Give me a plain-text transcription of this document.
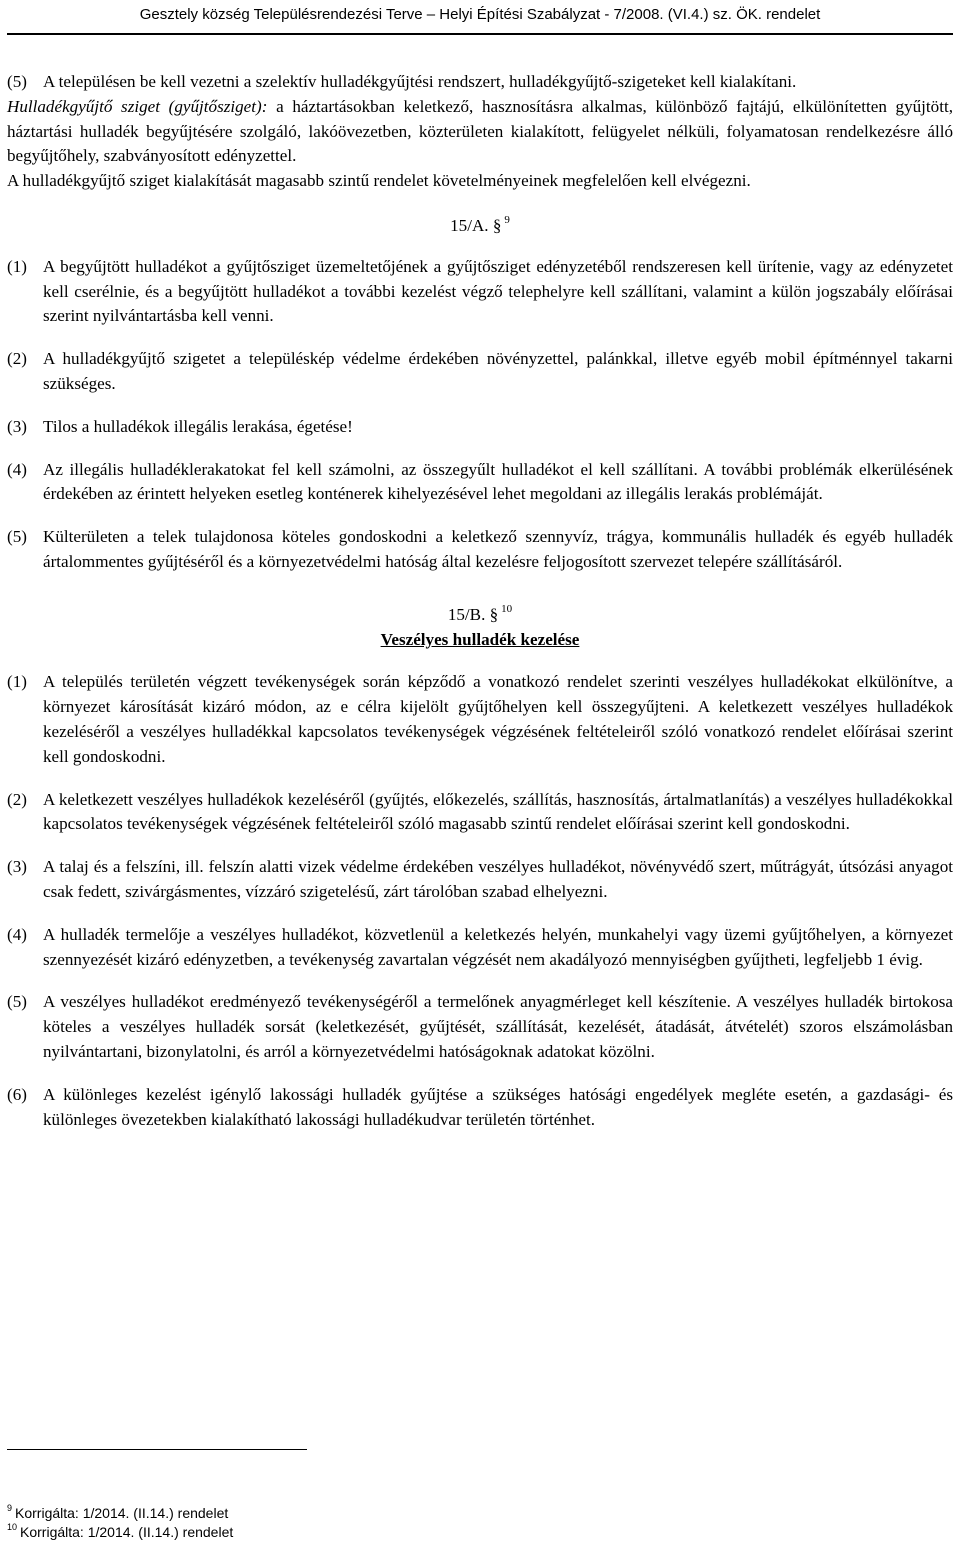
Gesztely község Településrendezési Terve – Helyi Építési Szabályzat - 7/2008. (VI.4.) sz. ÖK. rendelet
(5) A településen be kell vezetni a szelektív hulladékgyűjtési rendszert, hulladékgyűjtő-szigeteket kell kialakítani.

Hulladékgyűjtő sziget (gyűjtősziget): a háztartásokban keletkező, hasznosításra alkalmas, különböző fajtájú, elkülönítetten gyűjtött, háztartási hulladék begyűjtésére szolgáló, lakóövezetben, közterületen kialakított, felügyelet nélküli, folyamatosan rendelkezésre álló begyűjtőhely, szabványosított edényzettel.

A hulladékgyűjtő sziget kialakítását magasabb szintű rendelet követelményeinek megfelelően kell elvégezni.

15/A. § $^9$

(1) A begyűjtött hulladékot a gyűjtősziget üzemeltetőjének a gyűjtősziget edényzetéből rendszeresen kell ürítenie, vagy az edényzetet kell cserélnie, és a begyűjtött hulladékot a további kezelést végző telephelyre kell szállítani, valamint a külön jogszabály előírásai szerint nyilvántartásba kell venni.
(2) A hulladékgyűjtő szigetet a településkép védelme érdekében növényzettel, palánkkal, illetve egyéb mobil építménnyel takarni szükséges.
(3) Tilos a hulladékok illegális lerakása, égetése!
(4) Az illegális hulladéklerakatokat fel kell számolni, az összegyűlt hulladékot el kell szállítani. A további problémák elkerülésének érdekében az érintett helyeken esetleg konténerek kihelyezésével lehet megoldani az illegális lerakás problémáját.
(5) Külterületen a telek tulajdonosa köteles gondoskodni a keletkező szennyvíz, trágya, kommunális hulladék és egyéb hulladék ártalommentes gyűjtéséről és a környezetvédelmi hatóság által kezelésre feljogosított szervezet telepére szállításáról.

15/B. § $^{10}$

Veszélyes hulladék kezelése

(1) A település területén végzett tevékenységek során képződő a vonatkozó rendelet szerinti veszélyes hulladékokat elkülönítve, a környezet károsítását kizáró módon, az e célra kijelölt gyűjtőhelyen kell összegyűjteni. A keletkezett veszélyes hulladékok kezeléséről a veszélyes hulladékkal kapcsolatos tevékenységek végzésének feltételeiről szóló vonatkozó rendelet előírásai szerint kell gondoskodni.
(2) A keletkezett veszélyes hulladékok kezeléséről (gyűjtés, előkezelés, szállítás, hasznosítás, ártalmatlanítás) a veszélyes hulladékokkal kapcsolatos tevékenységek végzésének feltételeiről szóló magasabb szintű rendelet előírásai szerint kell gondoskodni.
(3) A talaj és a felszíni, ill. felszín alatti vizek védelme érdekében veszélyes hulladékot, növényvédő szert, műtrágyát, útsózási anyagot csak fedett, szivárgásmentes, vízzáró szigetelésű, zárt tárolóban szabad elhelyezni.
(4) A hulladék termelője a veszélyes hulladékot, közvetlenül a keletkezés helyén, munkahelyi vagy üzemi gyűjtőhelyen, a környezet szennyezését kizáró edényzetben, a tevékenység zavartalan végzését nem akadályozó mennyiségben gyűjtheti, legfeljebb 1 évig.
(5) A veszélyes hulladékot eredményező tevékenységéről a termelőnek anyagmérleget kell készítenie. A veszélyes hulladék birtokosa köteles a veszélyes hulladék sorsát (keletkezését, gyűjtését, szállítását, kezelését, átadását, átvételét) szoros elszámolásban nyilvántartani, bizonylatolni, és arról a környezetvédelmi hatóságoknak adatokat közölni.
(6) A különleges kezelést igénylő lakossági hulladék gyűjtése a szükséges hatósági engedélyek megléte esetén, a gazdasági- és különleges övezetekben kialakítható lakossági hulladékudvar területén történhet.
$^9$ Korrigálta: 1/2014. (II.14.) rendelet
$^{10}$ Korrigálta: 1/2014. (II.14.) rendelet
